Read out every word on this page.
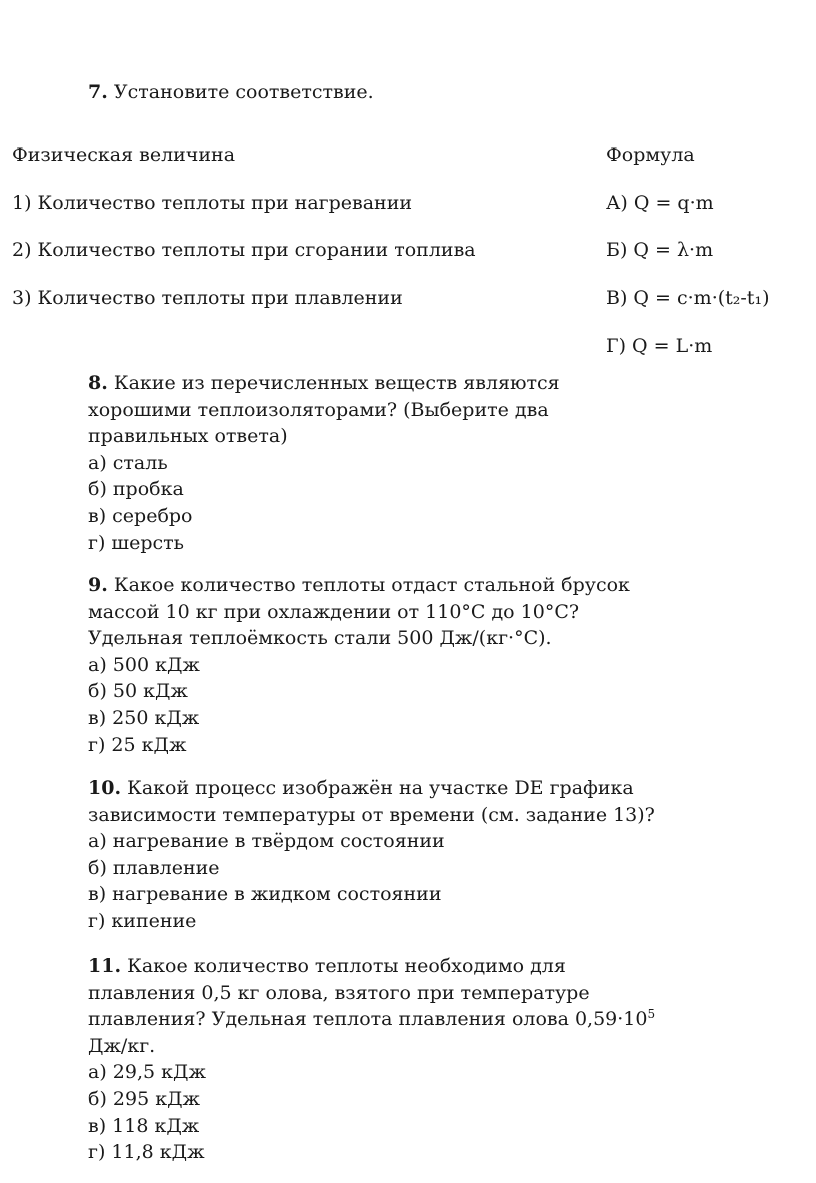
7. Установите соответствие.
Физическая величина	Формула
1) Количество теплоты при нагревании
2) Количество теплоты при сгорании топлива
3) Количество теплоты при плавлении
А) Q = q·m
Б) Q = λ·m
В) Q = c·m·(t₂-t₁)
Г) Q = L·m
8. Какие из перечисленных веществ являются
хорошими теплоизоляторами? (Выберите два
правильных ответа)
а) сталь
б) пробка
в) серебро
г) шерсть
9. Какое количество теплоты отдаст стальной брусок
массой 10 кг при охлаждении от 110°С до 10°С?
Удельная теплоёмкость стали 500 Дж/(кг·°С).
а) 500 кДж
б) 50 кДж
в) 250 кДж
г) 25 кДж
10. Какой процесс изображён на участке DE графика
зависимости температуры от времени (см. задание 13)?
а) нагревание в твёрдом состоянии
б) плавление
в) нагревание в жидком состоянии
г) кипение
11. Какое количество теплоты необходимо для
плавления 0,5 кг олова, взятого при температуре
плавления? Удельная теплота плавления олова $0,59\cdot 10^5$
Дж/кг.
а) 29,5 кДж
б) 295 кДж
в) 118 кДж
г) 11,8 кДж
